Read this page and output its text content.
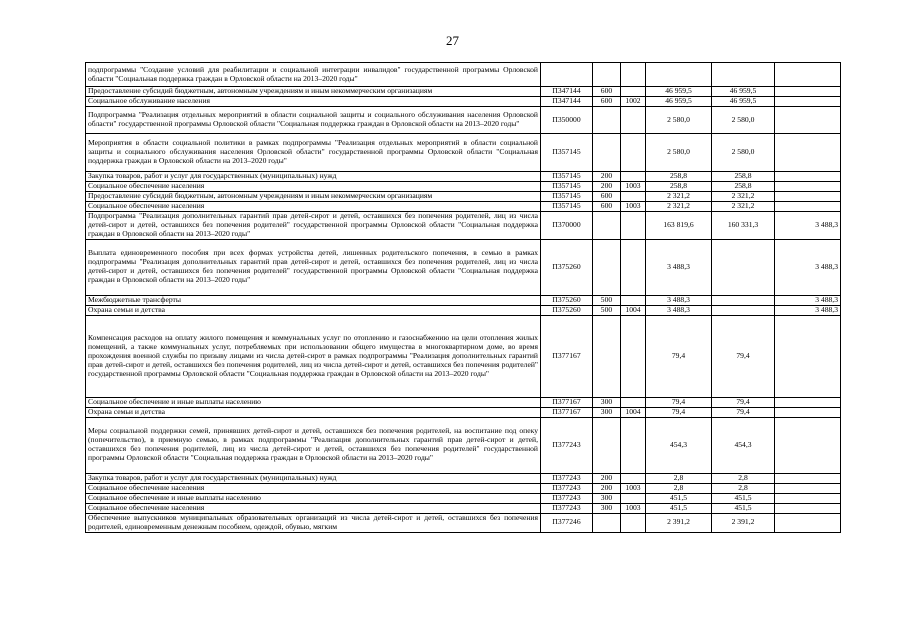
27
подпрограммы "Создание условий для реабилитации и социальной интеграции инвалидов" государственной программы Орловской области "Социальная поддержка граждан в Орловской области на 2013–2020 годы"						
Предоставление субсидий бюджетным, автономным учреждениям и иным некоммерческим организациям	П347144	600		46 959,5	46 959,5	
Социальное обслуживание населения	П347144	600	1002	46 959,5	46 959,5	
Подпрограмма "Реализация отдельных мероприятий в области социальной защиты и социального обслуживания населения Орловской области" государственной программы Орловской области "Социальная поддержка граждан в Орловской области на 2013–2020 годы"	П350000			2 580,0	2 580,0	
Мероприятия в области социальной политики в рамках подпрограммы "Реализация отдельных мероприятий в области социальной защиты и социального обслуживания населения Орловской области" государственной программы Орловской области "Социальная поддержка граждан в Орловской области на 2013–2020 годы"	П357145			2 580,0	2 580,0	
Закупка товаров, работ и услуг для государственных (муниципальных) нужд	П357145	200		258,8	258,8	
Социальное обеспечение населения	П357145	200	1003	258,8	258,8	
Предоставление субсидий бюджетным, автономным учреждениям и иным некоммерческим организациям	П357145	600		2 321,2	2 321,2	
Социальное обеспечение населения	П357145	600	1003	2 321,2	2 321,2	
Подпрограмма "Реализация дополнительных гарантий прав детей-сирот и детей, оставшихся без попечения родителей, лиц из числа детей-сирот и детей, оставшихся без попечения родителей" государственной программы Орловской области "Социальная поддержка граждан в Орловской области на 2013–2020 годы"	П370000			163 819,6	160 331,3	3 488,3
Выплата единовременного пособия при всех формах устройства детей, лишенных родительского попечения, в семью в рамках подпрограммы "Реализация дополнительных гарантий прав детей-сирот и детей, оставшихся без попечения родителей, лиц из числа детей-сирот и детей, оставшихся без попечения родителей" государственной программы Орловской области "Социальная поддержка граждан в Орловской области на 2013–2020 годы"	П375260			3 488,3		3 488,3
Межбюджетные трансферты	П375260	500		3 488,3		3 488,3
Охрана семьи и детства	П375260	500	1004	3 488,3		3 488,3
Компенсация расходов на оплату жилого помещения и коммунальных услуг по отоплению и газоснабжению на цели отопления жилых помещений, а также коммунальных услуг, потребляемых при использовании общего имущества в многоквартирном доме, во время прохождения военной службы по призыву лицами из числа детей-сирот в рамках подпрограммы "Реализация дополнительных гарантий прав детей-сирот и детей, оставшихся без попечения родителей, лиц из числа детей-сирот и детей, оставшихся без попечения родителей" государственной программы Орловской области "Социальная поддержка граждан в Орловской области на 2013–2020 годы"	П377167			79,4	79,4	
Социальное обеспечение и иные выплаты населению	П377167	300		79,4	79,4	
Охрана семьи и детства	П377167	300	1004	79,4	79,4	
Меры социальной поддержки семей, принявших детей-сирот и детей, оставшихся без попечения родителей, на воспитание под опеку (попечительство), в приемную семью, в рамках подпрограммы "Реализация дополнительных гарантий прав детей-сирот и детей, оставшихся без попечения родителей, лиц из числа детей-сирот и детей, оставшихся без попечения родителей" государственной программы Орловской области "Социальная поддержка граждан в Орловской области на 2013–2020 годы"	П377243			454,3	454,3	
Закупка товаров, работ и услуг для государственных (муниципальных) нужд	П377243	200		2,8	2,8	
Социальное обеспечение населения	П377243	200	1003	2,8	2,8	
Социальное обеспечение и иные выплаты населению	П377243	300		451,5	451,5	
Социальное обеспечение населения	П377243	300	1003	451,5	451,5	
Обеспечение выпускников муниципальных образовательных организаций из числа детей-сирот и детей, оставшихся без попечения родителей, единовременным денежным пособием, одеждой, обувью, мягким	П377246			2 391,2	2 391,2	
